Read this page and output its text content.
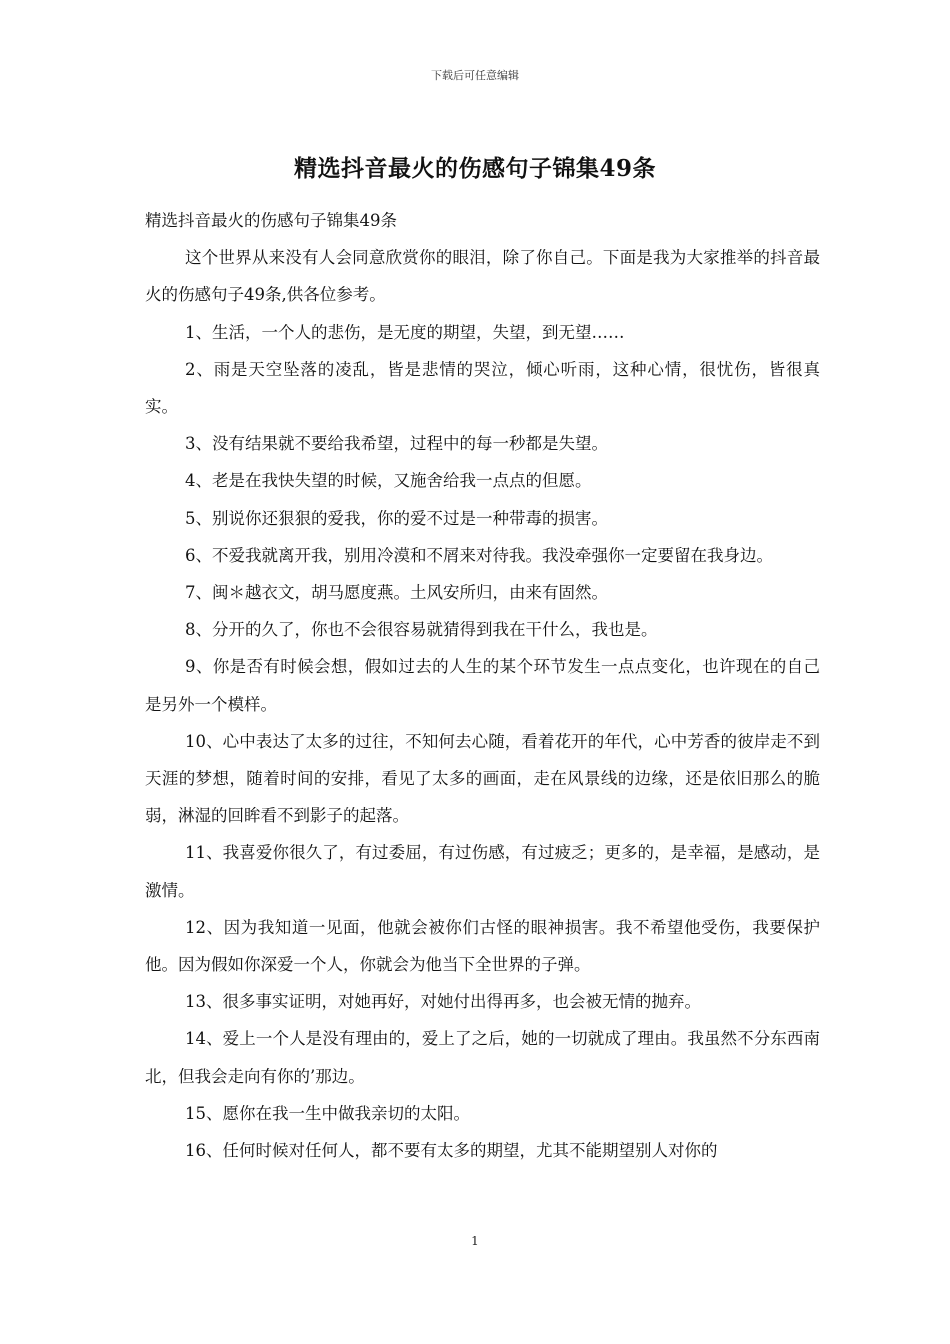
下载后可任意编辑
精选抖音最火的伤感句子锦集49条

精选抖音最火的伤感句子锦集49条

这个世界从来没有人会同意欣赏你的眼泪，除了你自己。下面是我为大家推举的抖音最火的伤感句子49条,供各位参考。

1、生活，一个人的悲伤，是无度的期望，失望，到无望……

2、雨是天空坠落的凌乱，皆是悲情的哭泣，倾心听雨，这种心情，很忧伤，皆很真实。

3、没有结果就不要给我希望，过程中的每一秒都是失望。

4、老是在我快失望的时候，又施舍给我一点点的但愿。

5、别说你还狠狠的爱我，你的爱不过是一种带毒的损害。

6、不爱我就离开我，别用冷漠和不屑来对待我。我没牵强你一定要留在我身边。

7、闽＊越衣文，胡马愿度燕。土风安所归，由来有固然。

8、分开的久了，你也不会很容易就猜得到我在干什么，我也是。

9、你是否有时候会想，假如过去的人生的某个环节发生一点点变化，也许现在的自己是另外一个模样。

10、心中表达了太多的过往，不知何去心随，看着花开的年代，心中芳香的彼岸走不到天涯的梦想，随着时间的安排，看见了太多的画面，走在风景线的边缘，还是依旧那么的脆弱，淋湿的回眸看不到影子的起落。

11、我喜爱你很久了，有过委屈，有过伤感，有过疲乏；更多的，是幸福，是感动，是激情。

12、因为我知道一见面，他就会被你们古怪的眼神损害。我不希望他受伤，我要保护他。因为假如你深爱一个人，你就会为他当下全世界的子弹。

13、很多事实证明，对她再好，对她付出得再多，也会被无情的抛弃。

14、爱上一个人是没有理由的，爱上了之后，她的一切就成了理由。我虽然不分东西南北，但我会走向有你的’那边。

15、愿你在我一生中做我亲切的太阳。

16、任何时候对任何人，都不要有太多的期望，尤其不能期望别人对你的

1
